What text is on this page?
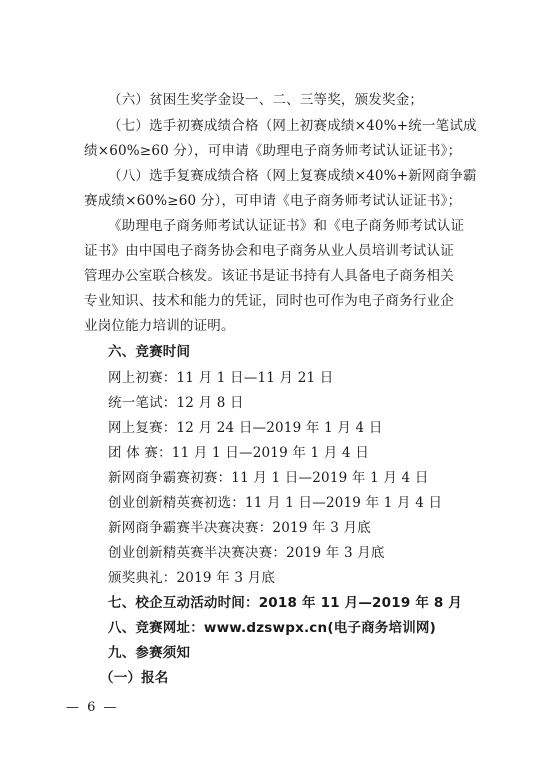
（六）贫困生奖学金设一、二、三等奖，颁发奖金；
（七）选手初赛成绩合格（网上初赛成绩×40%+统一笔试成
绩×60%≥60 分），可申请《助理电子商务师考试认证证书》；
（八）选手复赛成绩合格（网上复赛成绩×40%+新网商争霸
赛成绩×60%≥60 分），可申请《电子商务师考试认证证书》；
《助理电子商务师考试认证证书》和《电子商务师考试认证
证书》由中国电子商务协会和电子商务从业人员培训考试认证
管理办公室联合核发。该证书是证书持有人具备电子商务相关
专业知识、技术和能力的凭证，同时也可作为电子商务行业企
业岗位能力培训的证明。
六、竞赛时间
网上初赛：11 月 1 日—11 月 21 日
统一笔试：12 月 8 日
网上复赛：12 月 24 日—2019 年 1 月 4 日
团 体 赛：11 月 1 日—2019 年 1 月 4 日
新网商争霸赛初赛：11 月 1 日—2019 年 1 月 4 日
创业创新精英赛初选：11 月 1 日—2019 年 1 月 4 日
新网商争霸赛半决赛决赛：2019 年 3 月底
创业创新精英赛半决赛决赛：2019 年 3 月底
颁奖典礼：2019 年 3 月底
七、校企互动活动时间：2018 年 11 月—2019 年 8 月
八、竞赛网址：www.dzswpx.cn(电子商务培训网)
九、参赛须知
（一）报名
— 6 —
